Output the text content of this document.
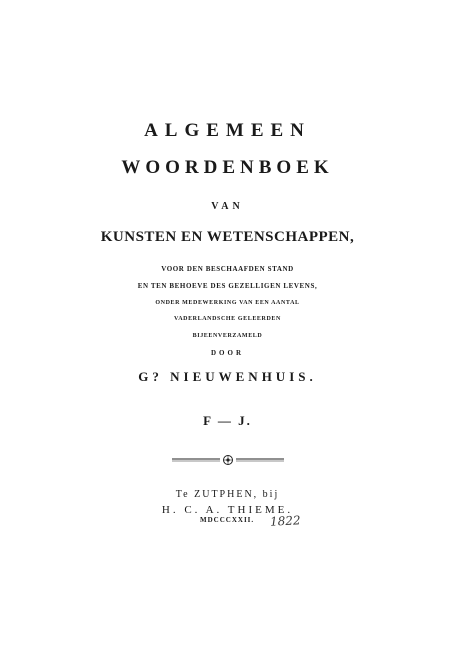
ALGEMEEN
WOORDENBOEK
VAN
KUNSTEN EN WETENSCHAPPEN,
VOOR DEN BESCHAAFDEN STAND
EN TEN BEHOEVE DES GEZELLIGEN LEVENS,
ONDER MEDEWERKING VAN EEN AANTAL
VADERLANDSCHE GELEERDEN
BIJEENVERZAMELD
DOOR
G? NIEUWENHUIS.
F — J.
Te ZUTPHEN, bij
H. C. A. THIEME.
MDCCCXXII. 1822
